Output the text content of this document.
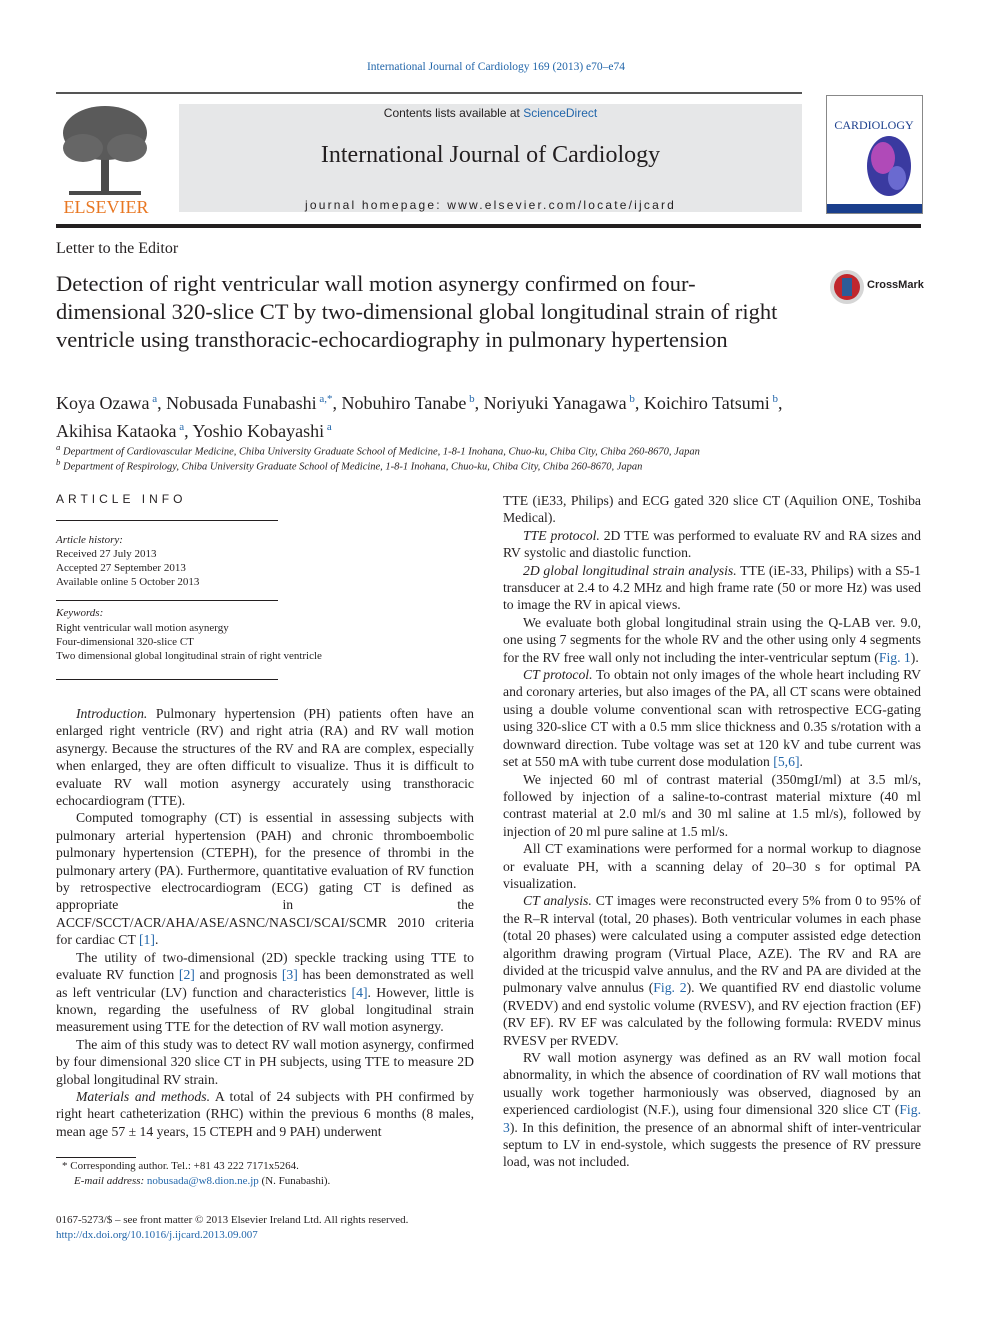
International Journal of Cardiology 169 (2013) e70–e74
ELSEVIER
Contents lists available at ScienceDirect
International Journal of Cardiology
journal homepage: www.elsevier.com/locate/ijcard
CARDIOLOGY
Letter to the Editor
Detection of right ventricular wall motion asynergy confirmed on four-dimensional 320-slice CT by two-dimensional global longitudinal strain of right ventricle using transthoracic-echocardiography in pulmonary hypertension
CrossMark
Koya Ozawa $^a$, Nobusada Funabashi $^{a,*}$, Nobuhiro Tanabe $^b$, Noriyuki Yanagawa $^b$, Koichiro Tatsumi $^b$,
Akihisa Kataoka $^a$, Yoshio Kobayashi $^a$
$^a$ Department of Cardiovascular Medicine, Chiba University Graduate School of Medicine, 1-8-1 Inohana, Chuo-ku, Chiba City, Chiba 260-8670, Japan
$^b$ Department of Respirology, Chiba University Graduate School of Medicine, 1-8-1 Inohana, Chuo-ku, Chiba City, Chiba 260-8670, Japan
ARTICLE INFO
Article history:
Received 27 July 2013
Accepted 27 September 2013
Available online 5 October 2013
Keywords:
Right ventricular wall motion asynergy
Four-dimensional 320-slice CT
Two dimensional global longitudinal strain of right ventricle

Introduction. Pulmonary hypertension (PH) patients often have an enlarged right ventricle (RV) and right atria (RA) and RV wall motion asynergy. Because the structures of the RV and RA are complex, especially when enlarged, they are often difficult to visualize. Thus it is difficult to evaluate RV wall motion asynergy accurately using transthoracic echocardiogram (TTE).

Computed tomography (CT) is essential in assessing subjects with pulmonary arterial hypertension (PAH) and chronic thromboembolic pulmonary hypertension (CTEPH), for the presence of thrombi in the pulmonary artery (PA). Furthermore, quantitative evaluation of RV function by retrospective electrocardiogram (ECG) gating CT is defined as appropriate in the ACCF/SCCT/ACR/AHA/ASE/ASNC/NASCI/SCAI/SCMR 2010 criteria for cardiac CT [1].

The utility of two-dimensional (2D) speckle tracking using TTE to evaluate RV function [2] and prognosis [3] has been demonstrated as well as left ventricular (LV) function and characteristics [4]. However, little is known, regarding the usefulness of RV global longitudinal strain measurement using TTE for the detection of RV wall motion asynergy.

The aim of this study was to detect RV wall motion asynergy, confirmed by four dimensional 320 slice CT in PH subjects, using TTE to measure 2D global longitudinal RV strain.

Materials and methods. A total of 24 subjects with PH confirmed by right heart catheterization (RHC) within the previous 6 months (8 males, mean age 57 ± 14 years, 15 CTEPH and 9 PAH) underwent

TTE (iE33, Philips) and ECG gated 320 slice CT (Aquilion ONE, Toshiba Medical).

TTE protocol. 2D TTE was performed to evaluate RV and RA sizes and RV systolic and diastolic function.

2D global longitudinal strain analysis. TTE (iE-33, Philips) with a S5-1 transducer at 2.4 to 4.2 MHz and high frame rate (50 or more Hz) was used to image the RV in apical views.

We evaluate both global longitudinal strain using the Q-LAB ver. 9.0, one using 7 segments for the whole RV and the other using only 4 segments for the RV free wall only not including the inter-ventricular septum (Fig. 1).

CT protocol. To obtain not only images of the whole heart including RV and coronary arteries, but also images of the PA, all CT scans were obtained using a double volume conventional scan with retrospective ECG-gating using 320-slice CT with a 0.5 mm slice thickness and 0.35 s/rotation with a downward direction. Tube voltage was set at 120 kV and tube current was set at 550 mA with tube current dose modulation [5,6].

We injected 60 ml of contrast material (350mgI/ml) at 3.5 ml/s, followed by injection of a saline-to-contrast material mixture (40 ml contrast material at 2.0 ml/s and 30 ml saline at 1.5 ml/s), followed by injection of 20 ml pure saline at 1.5 ml/s.

All CT examinations were performed for a normal workup to diagnose or evaluate PH, with a scanning delay of 20–30 s for optimal PA visualization.

CT analysis. CT images were reconstructed every 5% from 0 to 95% of the R–R interval (total, 20 phases). Both ventricular volumes in each phase (total 20 phases) were calculated using a computer assisted edge detection algorithm drawing program (Virtual Place, AZE). The RV and RA are divided at the tricuspid valve annulus, and the RV and PA are divided at the pulmonary valve annulus (Fig. 2). We quantified RV end diastolic volume (RVEDV) and end systolic volume (RVESV), and RV ejection fraction (EF) (RV EF). RV EF was calculated by the following formula: RVEDV minus RVESV per RVEDV.

RV wall motion asynergy was defined as an RV wall motion focal abnormality, in which the absence of coordination of RV wall motions that usually work together harmoniously was observed, diagnosed by an experienced cardiologist (N.F.), using four dimensional 320 slice CT (Fig. 3). In this definition, the presence of an abnormal shift of inter-ventricular septum to LV in end-systole, which suggests the presence of RV pressure load, was not included.

* Corresponding author. Tel.: +81 43 222 7171x5264.
E-mail address: nobusada@w8.dion.ne.jp (N. Funabashi).
0167-5273/$ – see front matter © 2013 Elsevier Ireland Ltd. All rights reserved.
http://dx.doi.org/10.1016/j.ijcard.2013.09.007
